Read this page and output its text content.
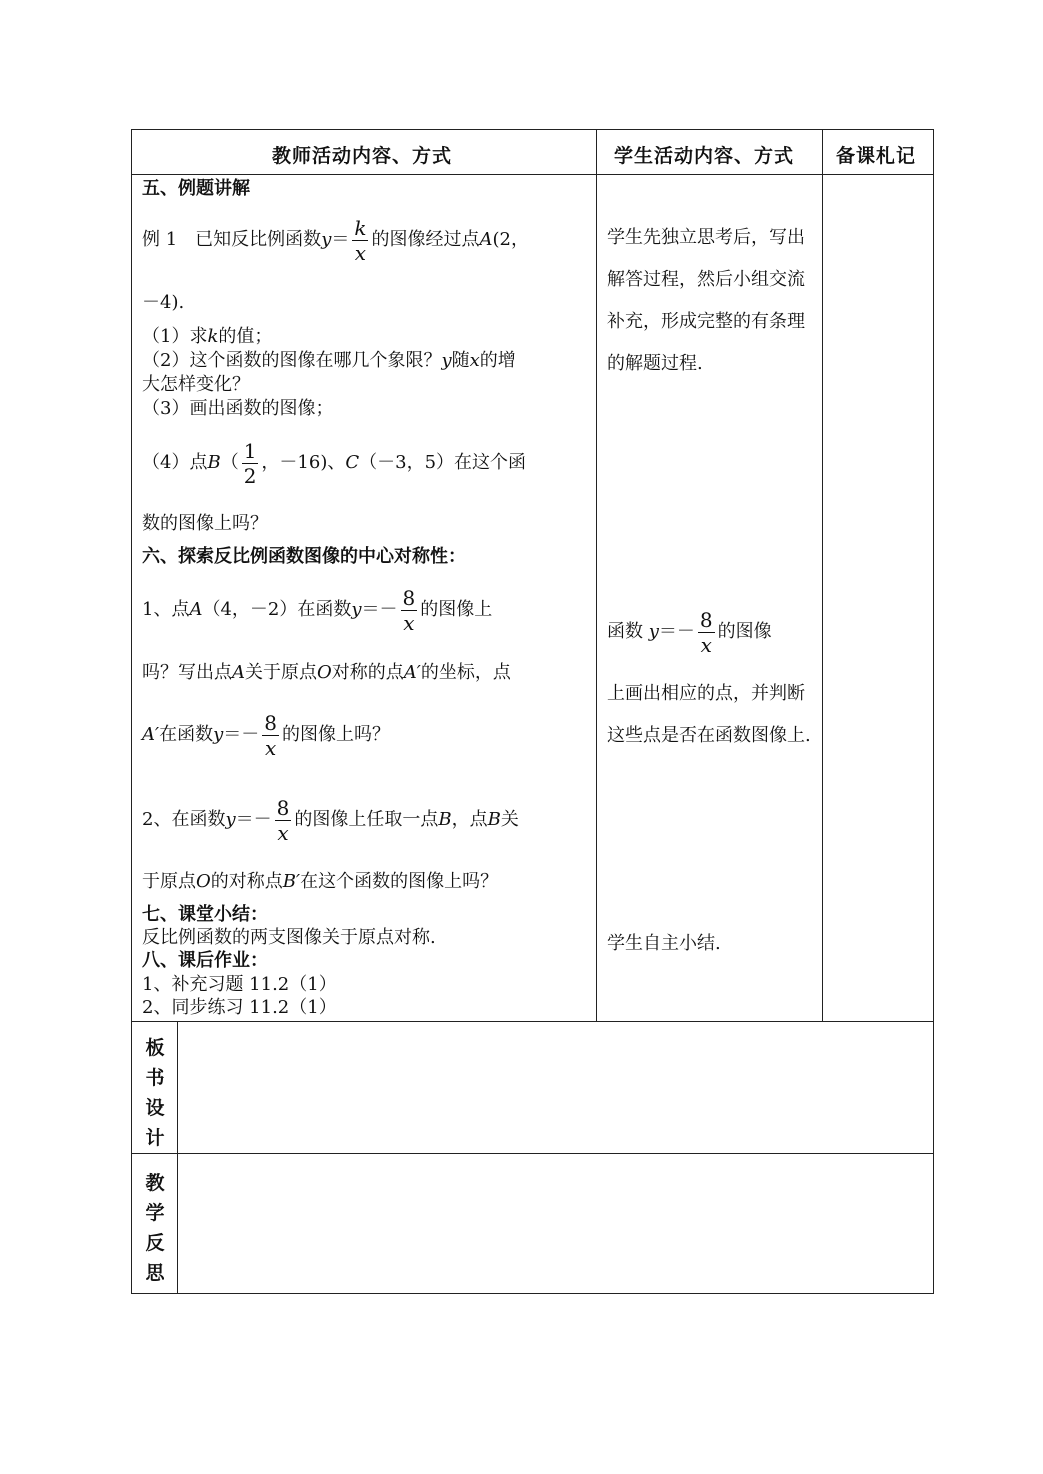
教师活动内容、方式	学生活动内容、方式 备课札记
五、例题讲解
例 1　已知反比例函数$y= \frac{k}{x}$ 的图像经过点A(2，
－4).
（1）求k的值；
（2）这个函数的图像在哪几个象限？y随x的增
大怎样变化？
（3）画出函数的图像；
（4）点$B( \frac{1}{2}$ ，－16)、C（－3，5）在这个函
数的图像上吗？
六、探索反比例函数图像的中心对称性：
1、点A（4，－2）在函数$y=- \frac{8}{x}$ 的图像上
吗？写出点A关于原点O对称的点A′的坐标，点
A′在函数$y=- \frac{8}{x}$ 的图像上吗？
2、在函数$y=- \frac{8}{x}$ 的图像上任取一点B，点B关
于原点O的对称点B′在这个函数的图像上吗？
七、课堂小结：
反比例函数的两支图像关于原点对称.
八、课后作业：
1、补充习题 11.2（1）
2、同步练习 11.2（1）
学生先独立思考后，写出解答过程，然后小组交流补充，形成完整的有条理的解题过程.
函数 $y=- \frac{8}{x}$ 的图像
上画出相应的点，并判断这些点是否在函数图像上.
学生自主小结.
板书设计
教学反思
